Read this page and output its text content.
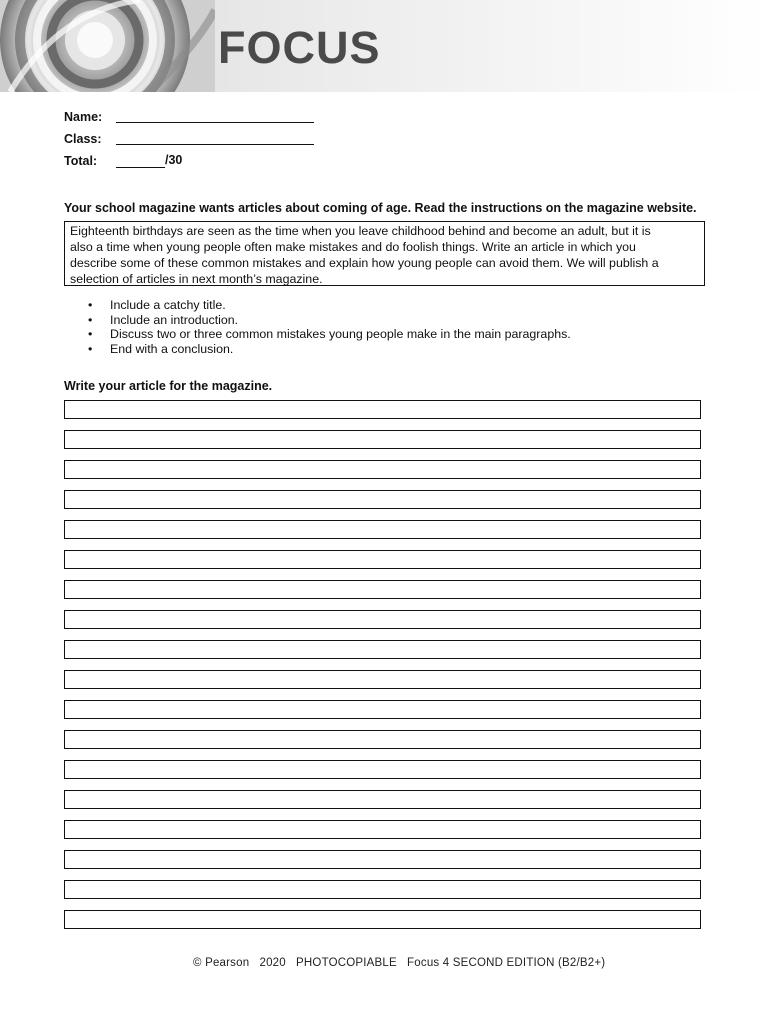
FOCUS
Name:
Class:
Total:	/30
Your school magazine wants articles about coming of age. Read the instructions on the magazine website.
Eighteenth birthdays are seen as the time when you leave childhood behind and become an adult, but it is
also a time when young people often make mistakes and do foolish things. Write an article in which you
describe some of these common mistakes and explain how young people can avoid them. We will publish a
selection of articles in next month’s magazine.
• Include a catchy title.
• Include an introduction.
• Discuss two or three common mistakes young people make in the main paragraphs.
• End with a conclusion.
Write your article for the magazine.
© Pearson   2020   PHOTOCOPIABLE   Focus 4 SECOND EDITION (B2/B2+)
